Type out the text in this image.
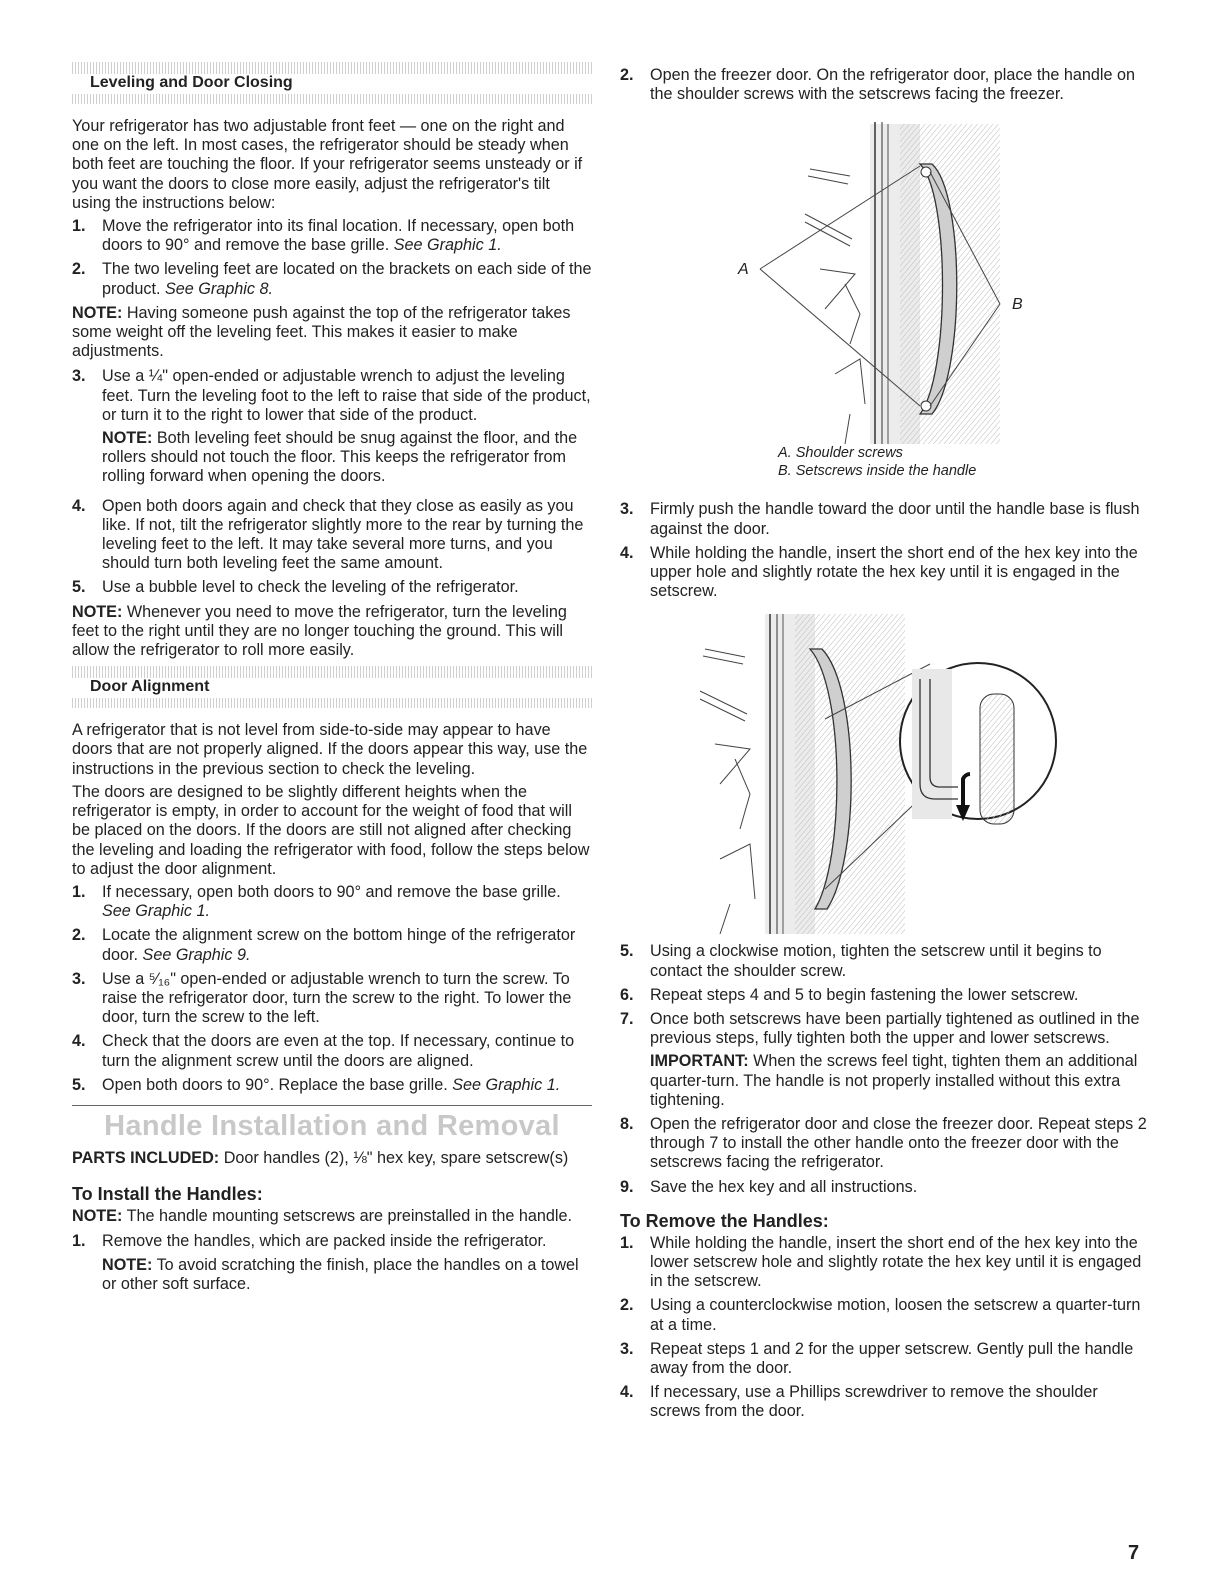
Leveling and Door Closing

Your refrigerator has two adjustable front feet — one on the right and one on the left. In most cases, the refrigerator should be steady when both feet are touching the floor. If your refrigerator seems unsteady or if you want the doors to close more easily, adjust the refrigerator's tilt using the instructions below:

1. Move the refrigerator into its final location. If necessary, open both doors to 90° and remove the base grille. See Graphic 1.
2. The two leveling feet are located on the brackets on each side of the product. See Graphic 8.

NOTE: Having someone push against the top of the refrigerator takes some weight off the leveling feet. This makes it easier to make adjustments.

3. Use a ¼" open-ended or adjustable wrench to adjust the leveling feet. Turn the leveling foot to the left to raise that side of the product, or turn it to the right to lower that side of the product.
NOTE: Both leveling feet should be snug against the floor, and the rollers should not touch the floor. This keeps the refrigerator from rolling forward when opening the doors.
4. Open both doors again and check that they close as easily as you like. If not, tilt the refrigerator slightly more to the rear by turning the leveling feet to the left. It may take several more turns, and you should turn both leveling feet the same amount.
5. Use a bubble level to check the leveling of the refrigerator.

NOTE: Whenever you need to move the refrigerator, turn the leveling feet to the right until they are no longer touching the ground. This will allow the refrigerator to roll more easily.

Door Alignment

A refrigerator that is not level from side-to-side may appear to have doors that are not properly aligned. If the doors appear this way, use the instructions in the previous section to check the leveling.

The doors are designed to be slightly different heights when the refrigerator is empty, in order to account for the weight of food that will be placed on the doors. If the doors are still not aligned after checking the leveling and loading the refrigerator with food, follow the steps below to adjust the door alignment.

1. If necessary, open both doors to 90° and remove the base grille. See Graphic 1.
2. Locate the alignment screw on the bottom hinge of the refrigerator door. See Graphic 9.
3. Use a ⁵⁄₁₆" open-ended or adjustable wrench to turn the screw. To raise the refrigerator door, turn the screw to the right. To lower the door, turn the screw to the left.
4. Check that the doors are even at the top. If necessary, continue to turn the alignment screw until the doors are aligned.
5. Open both doors to 90°. Replace the base grille. See Graphic 1.
Handle Installation and Removal

PARTS INCLUDED: Door handles (2), ⅛" hex key, spare setscrew(s)

To Install the Handles:

NOTE: The handle mounting setscrews are preinstalled in the handle.

1. Remove the handles, which are packed inside the refrigerator.
NOTE: To avoid scratching the finish, place the handles on a towel or other soft surface.
2. Open the freezer door. On the refrigerator door, place the handle on the shoulder screws with the setscrews facing the freezer.
A
B
A. Shoulder screws
B. Setscrews inside the handle
3. Firmly push the handle toward the door until the handle base is flush against the door.
4. While holding the handle, insert the short end of the hex key into the upper hole and slightly rotate the hex key until it is engaged in the setscrew.
5. Using a clockwise motion, tighten the setscrew until it begins to contact the shoulder screw.
6. Repeat steps 4 and 5 to begin fastening the lower setscrew.
7. Once both setscrews have been partially tightened as outlined in the previous steps, fully tighten both the upper and lower setscrews.
IMPORTANT: When the screws feel tight, tighten them an additional quarter-turn. The handle is not properly installed without this extra tightening.
8. Open the refrigerator door and close the freezer door. Repeat steps 2 through 7 to install the other handle onto the freezer door with the setscrews facing the refrigerator.
9. Save the hex key and all instructions.
To Remove the Handles:
1. While holding the handle, insert the short end of the hex key into the lower setscrew hole and slightly rotate the hex key until it is engaged in the setscrew.
2. Using a counterclockwise motion, loosen the setscrew a quarter-turn at a time.
3. Repeat steps 1 and 2 for the upper setscrew. Gently pull the handle away from the door.
4. If necessary, use a Phillips screwdriver to remove the shoulder screws from the door.
7
